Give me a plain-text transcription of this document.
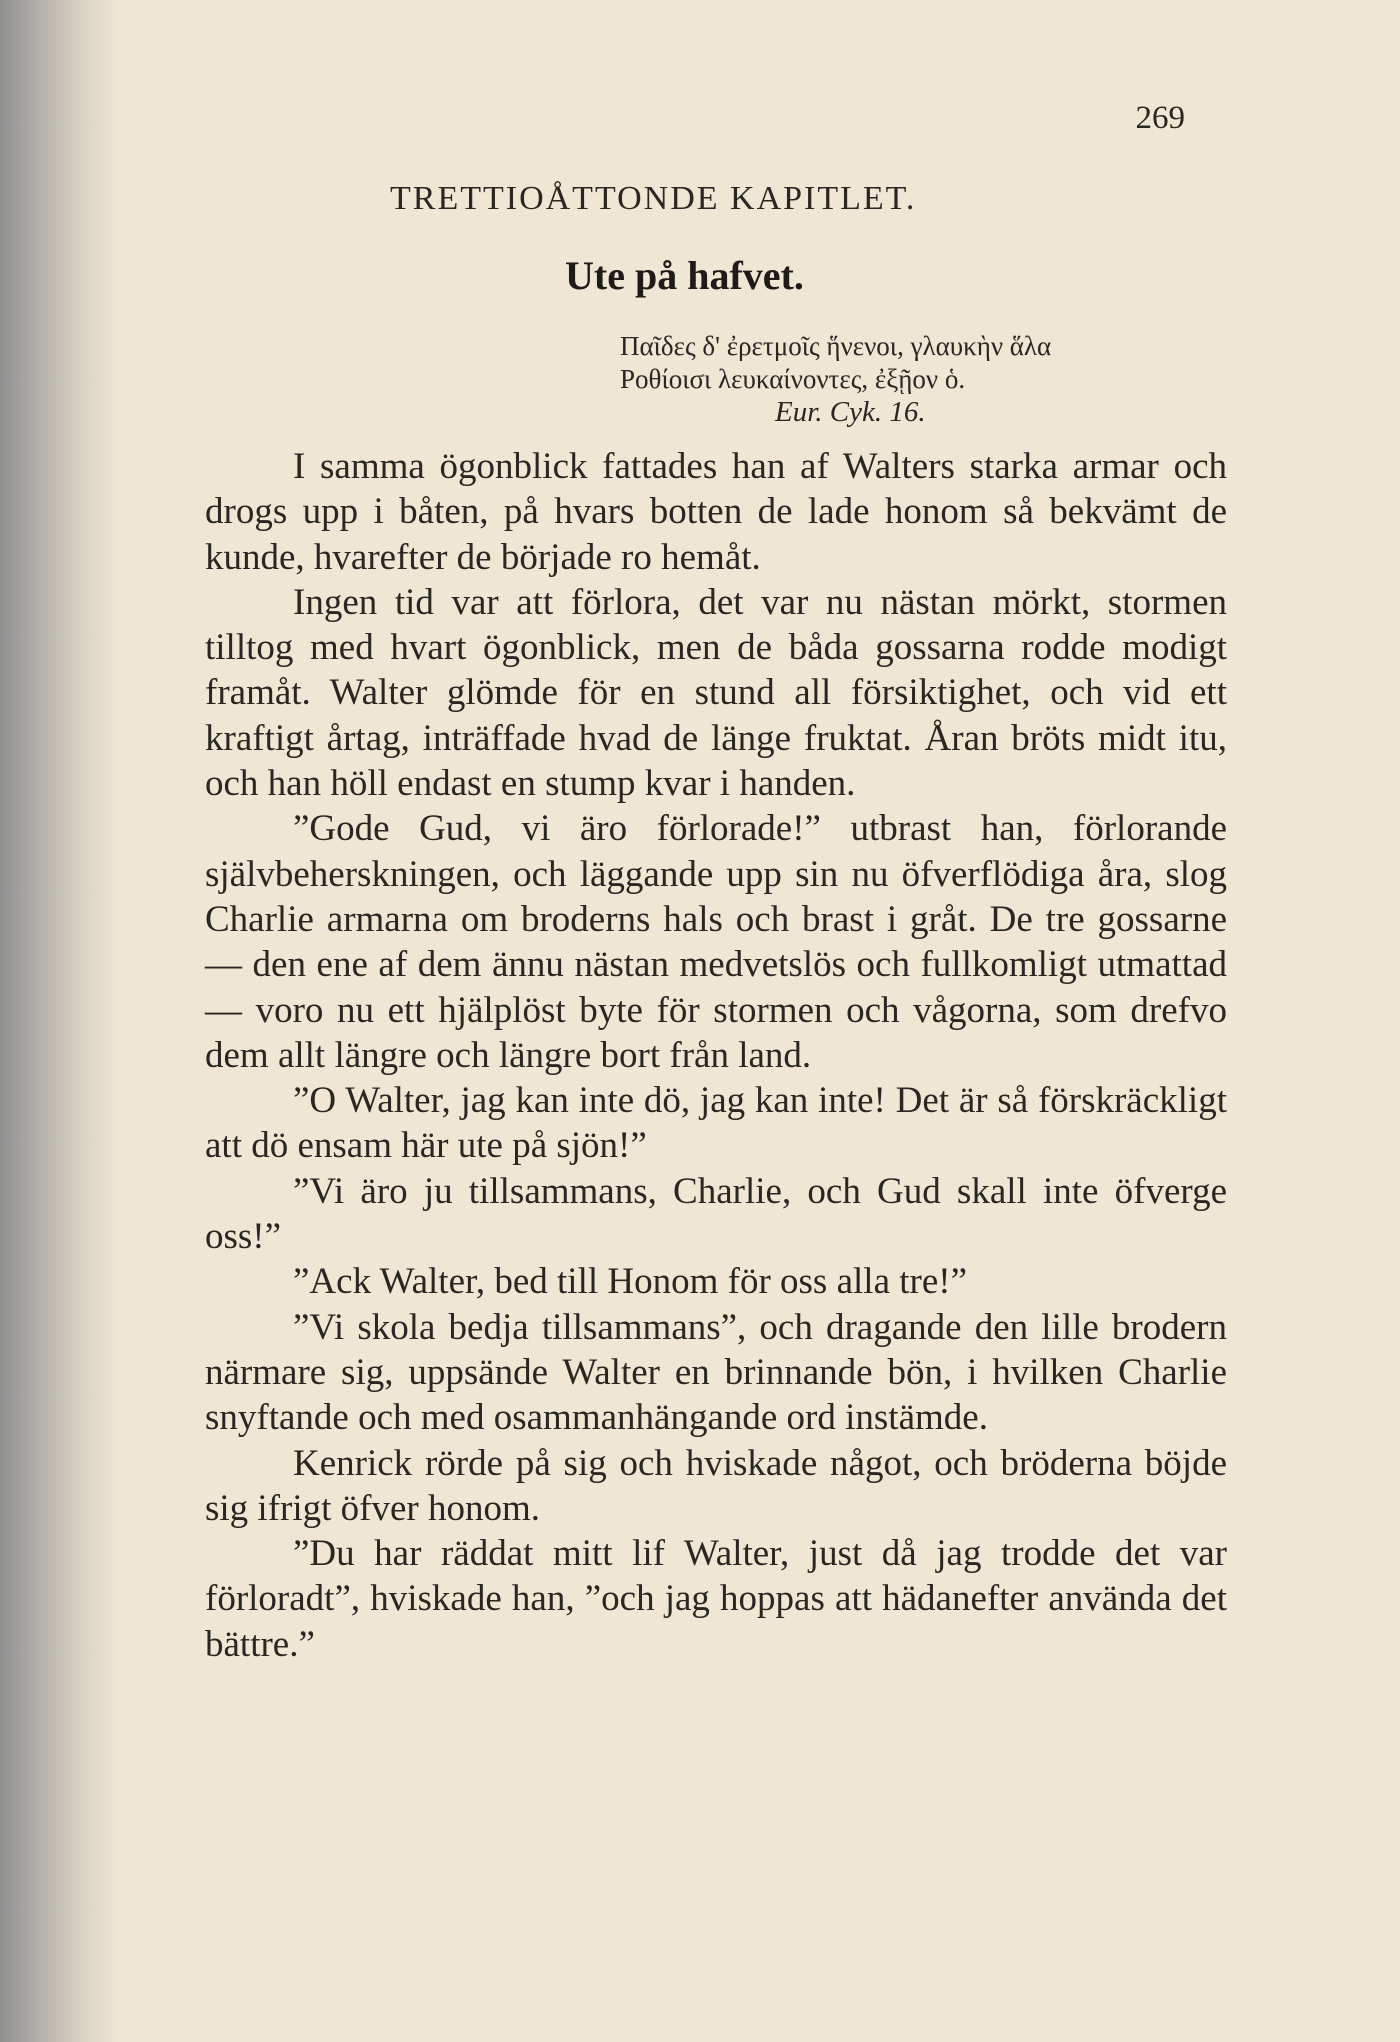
269
TRETTIOÅTTONDE KAPITLET.
Ute på hafvet.
Παῖδες δ' ἐρετμοῖς ἥνενοι, γλαυκὴν ἅλα
Ροθίοισι λευκαίνοντες, ἐξῇον ὁ.
Eur. Cyk. 16.

I samma ögonblick fattades han af Walters starka armar och drogs upp i båten, på hvars botten de lade honom så bekvämt de kunde, hvarefter de började ro hemåt.

Ingen tid var att förlora, det var nu nästan mörkt, stormen tilltog med hvart ögonblick, men de båda gossarna rodde modigt framåt. Walter glömde för en stund all försiktighet, och vid ett kraftigt årtag, inträffade hvad de länge fruktat. Åran bröts midt itu, och han höll endast en stump kvar i handen.

”Gode Gud, vi äro förlorade!” utbrast han, förlorande självbeherskningen, och läggande upp sin nu öfverflödiga åra, slog Charlie armarna om broderns hals och brast i gråt. De tre gossarne — den ene af dem ännu nästan medvetslös och fullkomligt utmattad — voro nu ett hjälplöst byte för stormen och vågorna, som drefvo dem allt längre och längre bort från land.

”O Walter, jag kan inte dö, jag kan inte! Det är så förskräckligt att dö ensam här ute på sjön!”

”Vi äro ju tillsammans, Charlie, och Gud skall inte öfverge oss!”

”Ack Walter, bed till Honom för oss alla tre!”

”Vi skola bedja tillsammans”, och dragande den lille brodern närmare sig, uppsände Walter en brinnande bön, i hvilken Charlie snyftande och med osammanhängande ord instämde.

Kenrick rörde på sig och hviskade något, och bröderna böjde sig ifrigt öfver honom.

”Du har räddat mitt lif Walter, just då jag trodde det var förloradt”, hviskade han, ”och jag hoppas att hädanefter använda det bättre.”
